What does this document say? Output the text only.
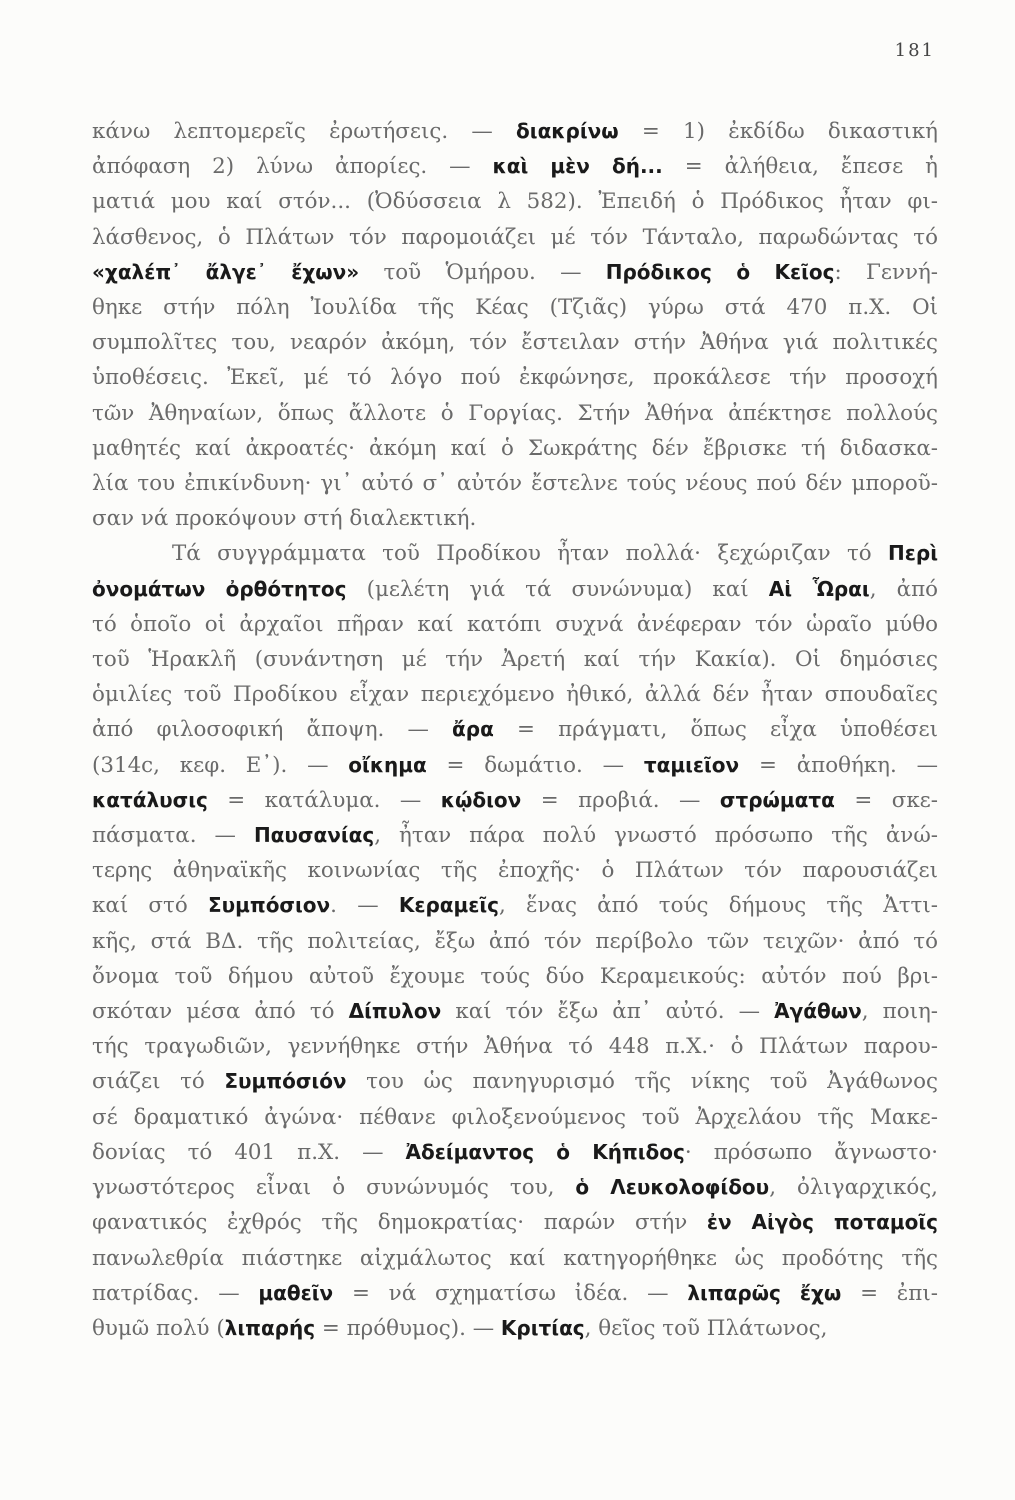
181

κάνω λεπτομερεῖς ἐρωτήσεις. — διακρίνω = 1) ἐκδίδω δικαστική
ἀπόφαση 2) λύνω ἀπορίες. — καὶ μὲν δή... = ἀλήθεια, ἔπεσε ἡ
ματιά μου καί στόν... (Ὀδύσσεια λ 582). Ἐπειδή ὁ Πρόδικος ἦταν φι-
λάσθενος, ὁ Πλάτων τόν παρομοιάζει μέ τόν Τάνταλο, παρωδώντας τό
«χαλέπ᾽ ἄλγε᾽ ἔχων» τοῦ Ὁμήρου. — Πρόδικος ὁ Κεῖος: Γεννή-
θηκε στήν πόλη Ἰουλίδα τῆς Κέας (Τζιᾶς) γύρω στά 470 π.Χ. Οἱ
συμπολῖτες του, νεαρόν ἀκόμη, τόν ἔστειλαν στήν Ἀθήνα γιά πολιτικές
ὑποθέσεις. Ἐκεῖ, μέ τό λόγο πού ἐκφώνησε, προκάλεσε τήν προσοχή
τῶν Ἀθηναίων, ὅπως ἄλλοτε ὁ Γοργίας. Στήν Ἀθήνα ἀπέκτησε πολλούς
μαθητές καί ἀκροατές· ἀκόμη καί ὁ Σωκράτης δέν ἔβρισκε τή διδασκα-
λία του ἐπικίνδυνη· γι᾽ αὐτό σ᾽ αὐτόν ἔστελνε τούς νέους πού δέν μποροῦ-
σαν νά προκόψουν στή διαλεκτική.

Τά συγγράμματα τοῦ Προδίκου ἦταν πολλά· ξεχώριζαν τό Περὶ
ὀνομάτων ὀρθότητος (μελέτη γιά τά συνώνυμα) καί Αἱ Ὧραι, ἀπό
τό ὁποῖο οἱ ἀρχαῖοι πῆραν καί κατόπι συχνά ἀνέφεραν τόν ὡραῖο μύθο
τοῦ Ἡρακλῆ (συνάντηση μέ τήν Ἀρετή καί τήν Κακία). Οἱ δημόσιες
ὁμιλίες τοῦ Προδίκου εἶχαν περιεχόμενο ἠθικό, ἀλλά δέν ἦταν σπουδαῖες
ἀπό φιλοσοφική ἄποψη. — ἄρα = πράγματι, ὅπως εἶχα ὑποθέσει
(314c, κεφ. Ε᾽). — οἴκημα = δωμάτιο. — ταμιεῖον = ἀποθήκη. —
κατάλυσις = κατάλυμα. — κῴδιον = προβιά. — στρώματα = σκε-
πάσματα. — Παυσανίας, ἦταν πάρα πολύ γνωστό πρόσωπο τῆς ἀνώ-
τερης ἀθηναϊκῆς κοινωνίας τῆς ἐποχῆς· ὁ Πλάτων τόν παρουσιάζει
καί στό Συμπόσιον. — Κεραμεῖς, ἕνας ἀπό τούς δήμους τῆς Ἀττι-
κῆς, στά ΒΔ. τῆς πολιτείας, ἔξω ἀπό τόν περίβολο τῶν τειχῶν· ἀπό τό
ὄνομα τοῦ δήμου αὐτοῦ ἔχουμε τούς δύο Κεραμεικούς: αὐτόν πού βρι-
σκόταν μέσα ἀπό τό Δίπυλον καί τόν ἔξω ἀπ᾽ αὐτό. — Ἀγάθων, ποιη-
τής τραγωδιῶν, γεννήθηκε στήν Ἀθήνα τό 448 π.Χ.· ὁ Πλάτων παρου-
σιάζει τό Συμπόσιόν του ὡς πανηγυρισμό τῆς νίκης τοῦ Ἀγάθωνος
σέ δραματικό ἀγώνα· πέθανε φιλοξενούμενος τοῦ Ἀρχελάου τῆς Μακε-
δονίας τό 401 π.Χ. — Ἀδείμαντος ὁ Κήπιδος· πρόσωπο ἄγνωστο·
γνωστότερος εἶναι ὁ συνώνυμός του, ὁ Λευκολοφίδου, ὀλιγαρχικός,
φανατικός ἐχθρός τῆς δημοκρατίας· παρών στήν ἐν Αἰγὸς ποταμοῖς
πανωλεθρία πιάστηκε αἰχμάλωτος καί κατηγορήθηκε ὡς προδότης τῆς
πατρίδας. — μαθεῖν = νά σχηματίσω ἰδέα. — λιπαρῶς ἔχω = ἐπι-
θυμῶ πολύ (λιπαρής = πρόθυμος). — Κριτίας, θεῖος τοῦ Πλάτωνος,
